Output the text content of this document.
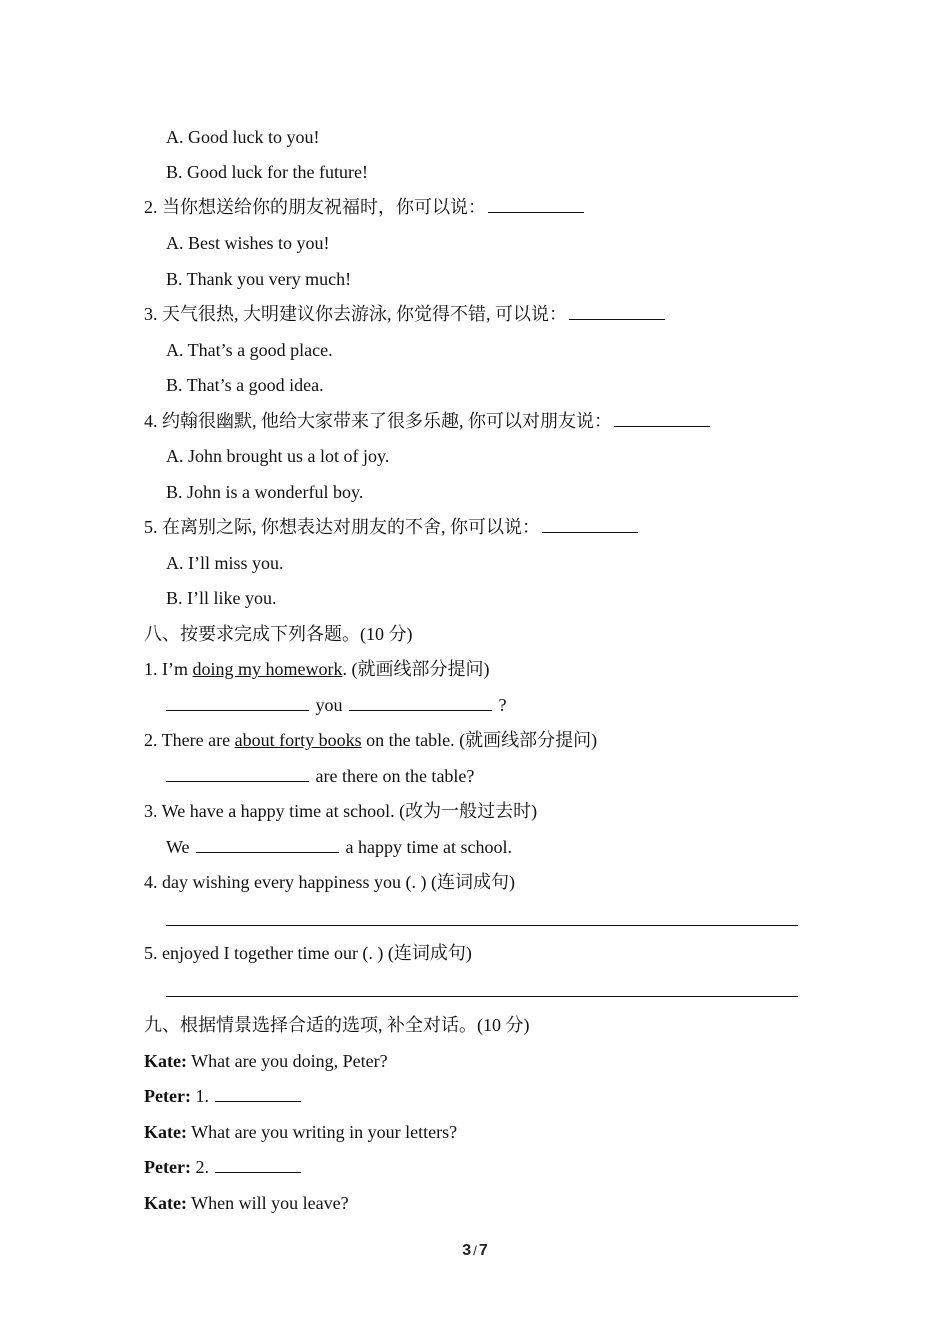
A. Good luck to you!
B. Good luck for the future!
2. 当你想送给你的朋友祝福时，你可以说：
A. Best wishes to you!
B. Thank you very much!
3. 天气很热, 大明建议你去游泳, 你觉得不错, 可以说：
A. That’s a good place.
B. That’s a good idea.
4. 约翰很幽默, 他给大家带来了很多乐趣, 你可以对朋友说：
A. John brought us a lot of joy.
B. John is a wonderful boy.
5. 在离别之际, 你想表达对朋友的不舍, 你可以说：
A. I’ll miss you.
B. I’ll like you.
八、按要求完成下列各题。(10 分)
1. I’m doing my homework. (就画线部分提问)
you	?
2. There are about forty books on the table. (就画线部分提问)
are there on the table?
3. We have a happy time at school. (改为一般过去时)
We	a happy time at school.
4. day wishing every happiness you (. ) (连词成句)
5. enjoyed I together time our (. ) (连词成句)
九、根据情景选择合适的选项, 补全对话。(10 分)
Kate: What are you doing, Peter?
Peter: 1.
Kate: What are you writing in your letters?
Peter: 2.
Kate: When will you leave?
3 / 7
